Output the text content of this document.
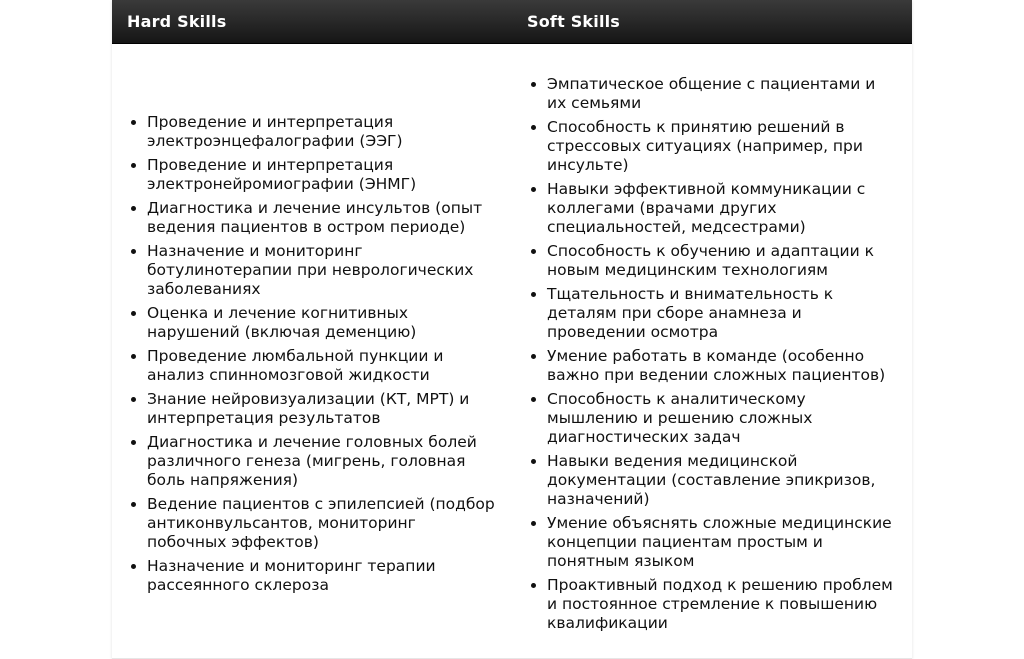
Hard Skills	Soft Skills
• Проведение и интерпретация электроэнцефалографии (ЭЭГ)
• Проведение и интерпретация электронейромиографии (ЭНМГ)
• Диагностика и лечение инсультов (опыт ведения пациентов в остром периоде)
• Назначение и мониторинг ботулинотерапии при неврологических заболеваниях
• Оценка и лечение когнитивных нарушений (включая деменцию)
• Проведение люмбальной пункции и анализ спинномозговой жидкости
• Знание нейровизуализации (КТ, МРТ) и интерпретация результатов
• Диагностика и лечение головных болей различного генеза (мигрень, головная боль напряжения)
• Ведение пациентов с эпилепсией (подбор антиконвульсантов, мониторинг побочных эффектов)
• Назначение и мониторинг терапии рассеянного склероза
• Эмпатическое общение с пациентами и их семьями
• Способность к принятию решений в стрессовых ситуациях (например, при инсульте)
• Навыки эффективной коммуникации с коллегами (врачами других специальностей, медсестрами)
• Способность к обучению и адаптации к новым медицинским технологиям
• Тщательность и внимательность к деталям при сборе анамнеза и проведении осмотра
• Умение работать в команде (особенно важно при ведении сложных пациентов)
• Способность к аналитическому мышлению и решению сложных диагностических задач
• Навыки ведения медицинской документации (составление эпикризов, назначений)
• Умение объяснять сложные медицинские концепции пациентам простым и понятным языком
• Проактивный подход к решению проблем и постоянное стремление к повышению квалификации
